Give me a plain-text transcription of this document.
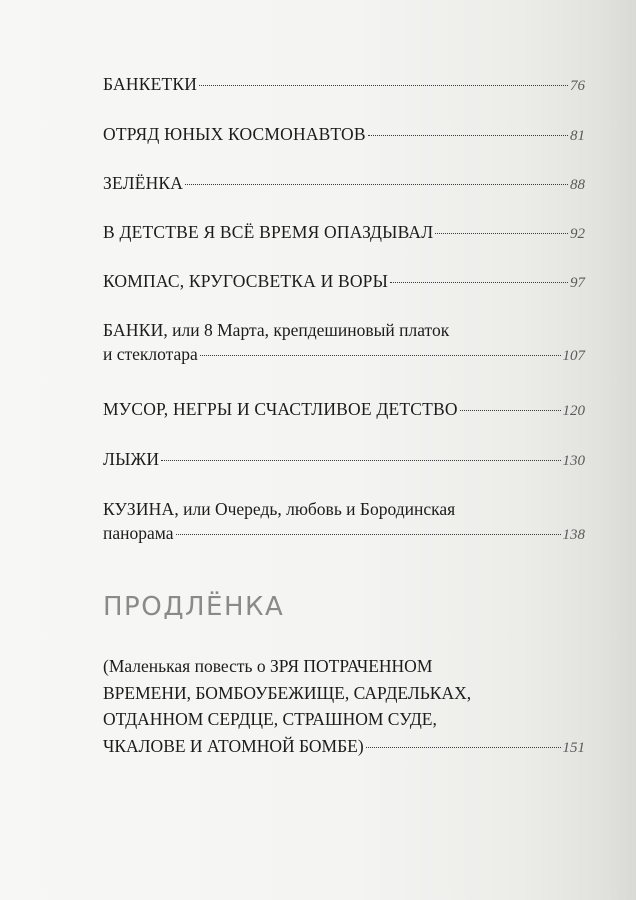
БАНКЕТКИ	76
ОТРЯД ЮНЫХ КОСМОНАВТОВ	81
ЗЕЛЁНКА	88
В ДЕТСТВЕ Я ВСЁ ВРЕМЯ ОПАЗДЫВАЛ	92
КОМПАС, КРУГОСВЕТКА И ВОРЫ	97
БАНКИ, или 8 Марта, крепдешиновый платок
и стеклотара	107
МУСОР, НЕГРЫ И СЧАСТЛИВОЕ ДЕТСТВО	120
ЛЫЖИ	130
КУЗИНА, или Очередь, любовь и Бородинская
панорама	138
ПРОДЛЁНКА
(Маленькая повесть о ЗРЯ ПОТРАЧЕННОМ
ВРЕМЕНИ, БОМБОУБЕЖИЩЕ, САРДЕЛЬКАХ,
ОТДАННОМ СЕРДЦЕ, СТРАШНОМ СУДЕ,
ЧКАЛОВЕ И АТОМНОЙ БОМБЕ)	151
